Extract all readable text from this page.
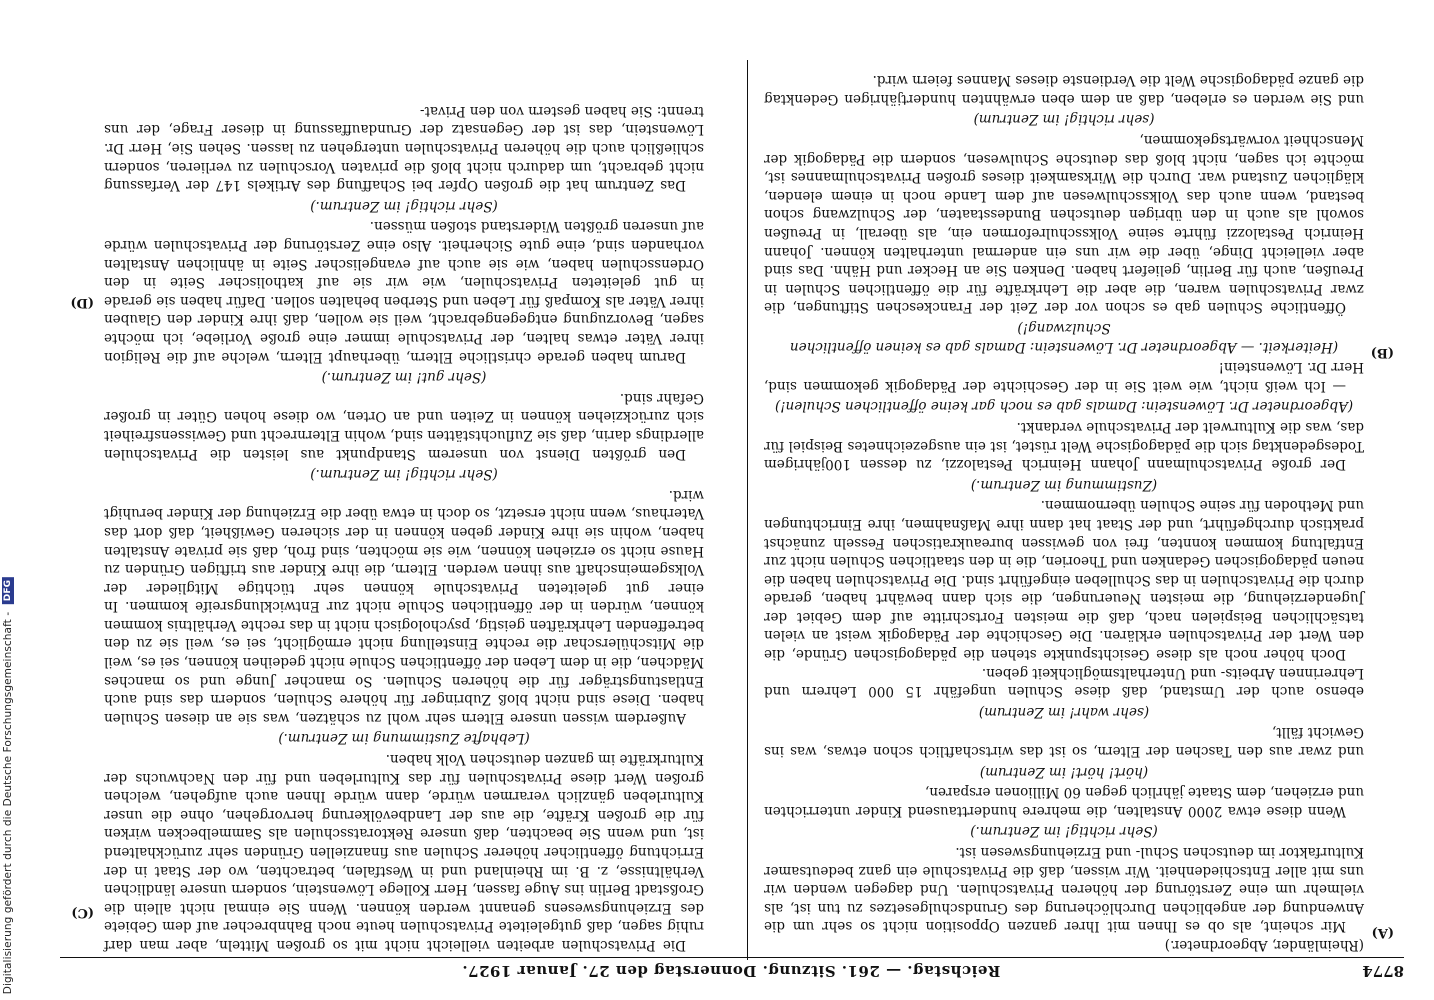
Digitalisierung gefördert durch die Deutsche Forschungsgemeinschaft - DFG
8774
Reichstag. — 261. Sitzung. Donnerstag den 27. Januar 1927.
(A)
(B)
(C)
(D)

(Rheinländer, Abgeordneter.)

Mir scheint, als ob es Ihnen mit Ihrer ganzen Opposition nicht so sehr um die Anwendung der angeblichen Durchlöcherung des Grundschulgesetzes zu tun ist, als vielmehr um eine Zerstörung der höheren Privatschulen. Und dagegen wenden wir uns mit aller Entschiedenheit. Wir wissen, daß die Privatschule ein ganz bedeutsamer Kulturfaktor im deutschen Schul- und Erziehungswesen ist.

(Sehr richtig! im Zentrum.)

Wenn diese etwa 2000 Anstalten, die mehrere hunderttausend Kinder unterrichten und erziehen, dem Staate jährlich gegen 60 Millionen ersparen,

(hört! hört! im Zentrum)

und zwar aus den Taschen der Eltern, so ist das wirtschaftlich schon etwas, was ins Gewicht fällt,

(sehr wahr! im Zentrum)

ebenso auch der Umstand, daß diese Schulen ungefähr 15 000 Lehrern und Lehrerinnen Arbeits- und Unterhaltsmöglichkeit geben.

Doch höher noch als diese Gesichtspunkte stehen die pädagogischen Gründe, die den Wert der Privatschulen erklären. Die Geschichte der Pädagogik weist an vielen tatsächlichen Beispielen nach, daß die meisten Fortschritte auf dem Gebiet der Jugenderziehung, die meisten Neuerungen, die sich dann bewährt haben, gerade durch die Privatschulen in das Schulleben eingeführt sind. Die Privatschulen haben die neuen pädagogischen Gedanken und Theorien, die in den staatlichen Schulen nicht zur Entfaltung kommen konnten, frei von gewissen bureaukratischen Fesseln zunächst praktisch durchgeführt, und der Staat hat dann ihre Maßnahmen, ihre Einrichtungen und Methoden für seine Schulen übernommen.

(Zustimmung im Zentrum.)

Der große Privatschulmann Johann Heinrich Pestalozzi, zu dessen 100jährigem Todesgedenktag sich die pädagogische Welt rüstet, ist ein ausgezeichnetes Beispiel für das, was die Kulturwelt der Privatschule verdankt.

(Abgeordneter Dr. Löwenstein: Damals gab es noch gar keine öffentlichen Schulen!)

— Ich weiß nicht, wie weit Sie in der Geschichte der Pädagogik gekommen sind, Herr Dr. Löwenstein!

(Heiterkeit. — Abgeordneter Dr. Löwenstein: Damals gab es keinen öffentlichen Schulzwang!)

Öffentliche Schulen gab es schon vor der Zeit der Franckeschen Stiftungen, die zwar Privatschulen waren, die aber die Lehrkräfte für die öffentlichen Schulen in Preußen, auch für Berlin, geliefert haben. Denken Sie an Hecker und Hähn. Das sind aber vielleicht Dinge, über die wir uns ein andermal unterhalten können. Johann Heinrich Pestalozzi führte seine Volksschulreformen ein, als überall, in Preußen sowohl als auch in den übrigen deutschen Bundesstaaten, der Schulzwang schon bestand, wenn auch das Volksschulwesen auf dem Lande noch in einem elenden, kläglichen Zustand war. Durch die Wirksamkeit dieses großen Privatschulmannes ist, möchte ich sagen, nicht bloß das deutsche Schulwesen, sondern die Pädagogik der Menschheit vorwärtsgekommen,

(sehr richtig! im Zentrum)

und Sie werden es erleben, daß an dem eben erwähnten hundertjährigen Gedenktag die ganze pädagogische Welt die Verdienste dieses Mannes feiern wird.

Die Privatschulen arbeiten vielleicht nicht mit so großen Mitteln, aber man darf ruhig sagen, daß gutgeleitete Privatschulen heute noch Bahnbrecher auf dem Gebiete des Erziehungswesens genannt werden können. Wenn Sie einmal nicht allein die Großstadt Berlin ins Auge fassen, Herr Kollege Löwenstein, sondern unsere ländlichen Verhältnisse, z. B. im Rheinland und in Westfalen, betrachten, wo der Staat in der Errichtung öffentlicher höherer Schulen aus finanziellen Gründen sehr zurückhaltend ist, und wenn Sie beachten, daß unsere Rektoratsschulen als Sammelbecken wirken für die großen Kräfte, die aus der Landbevölkerung hervorgehen, ohne die unser Kulturleben gänzlich verarmen würde, dann würde Ihnen auch aufgehen, welchen großen Wert diese Privatschulen für das Kulturleben und für den Nachwuchs der Kulturkräfte im ganzen deutschen Volk haben.

(Lebhafte Zustimmung im Zentrum.)

Außerdem wissen unsere Eltern sehr wohl zu schätzen, was sie an diesen Schulen haben. Diese sind nicht bloß Zubringer für höhere Schulen, sondern das sind auch Entlastungsträger für die höheren Schulen. So mancher Junge und so manches Mädchen, die in dem Leben der öffentlichen Schule nicht gedeihen können, sei es, weil die Mitschülerschar die rechte Einstellung nicht ermöglicht, sei es, weil sie zu den betreffenden Lehrkräften geistig, psychologisch nicht in das rechte Verhältnis kommen können, würden in der öffentlichen Schule nicht zur Entwicklungsreife kommen. In einer gut geleiteten Privatschule können sehr tüchtige Mitglieder der Volksgemeinschaft aus ihnen werden. Eltern, die ihre Kinder aus triftigen Gründen zu Hause nicht so erziehen können, wie sie möchten, sind froh, daß sie private Anstalten haben, wohin sie ihre Kinder geben können in der sicheren Gewißheit, daß dort das Vaterhaus, wenn nicht ersetzt, so doch in etwa über die Erziehung der Kinder beruhigt wird.

(Sehr richtig! im Zentrum.)

Den größten Dienst von unserem Standpunkt aus leisten die Privatschulen allerdings darin, daß sie Zufluchtstätten sind, wohin Elternrecht und Gewissensfreiheit sich zurückziehen können in Zeiten und an Orten, wo diese hohen Güter in großer Gefahr sind.

(Sehr gut! im Zentrum.)

Darum haben gerade christliche Eltern, überhaupt Eltern, welche auf die Religion ihrer Väter etwas halten, der Privatschule immer eine große Vorliebe, ich möchte sagen, Bevorzugung entgegengebracht, weil sie wollen, daß ihre Kinder den Glauben ihrer Väter als Kompaß für Leben und Sterben behalten sollen. Dafür haben sie gerade in gut geleiteten Privatschulen, wie wir sie auf katholischer Seite in den Ordensschulen haben, wie sie auch auf evangelischer Seite in ähnlichen Anstalten vorhanden sind, eine gute Sicherheit. Also eine Zerstörung der Privatschulen würde auf unseren größten Widerstand stoßen müssen.

(Sehr richtig! im Zentrum.)

Das Zentrum hat die großen Opfer bei Schaffung des Artikels 147 der Verfassung nicht gebracht, um dadurch nicht bloß die privaten Vorschulen zu verlieren, sondern schließlich auch die höheren Privatschulen untergehen zu lassen. Sehen Sie, Herr Dr. Löwenstein, das ist der Gegensatz der Grundauffassung in dieser Frage, der uns trennt: Sie haben gestern von den Privat-
